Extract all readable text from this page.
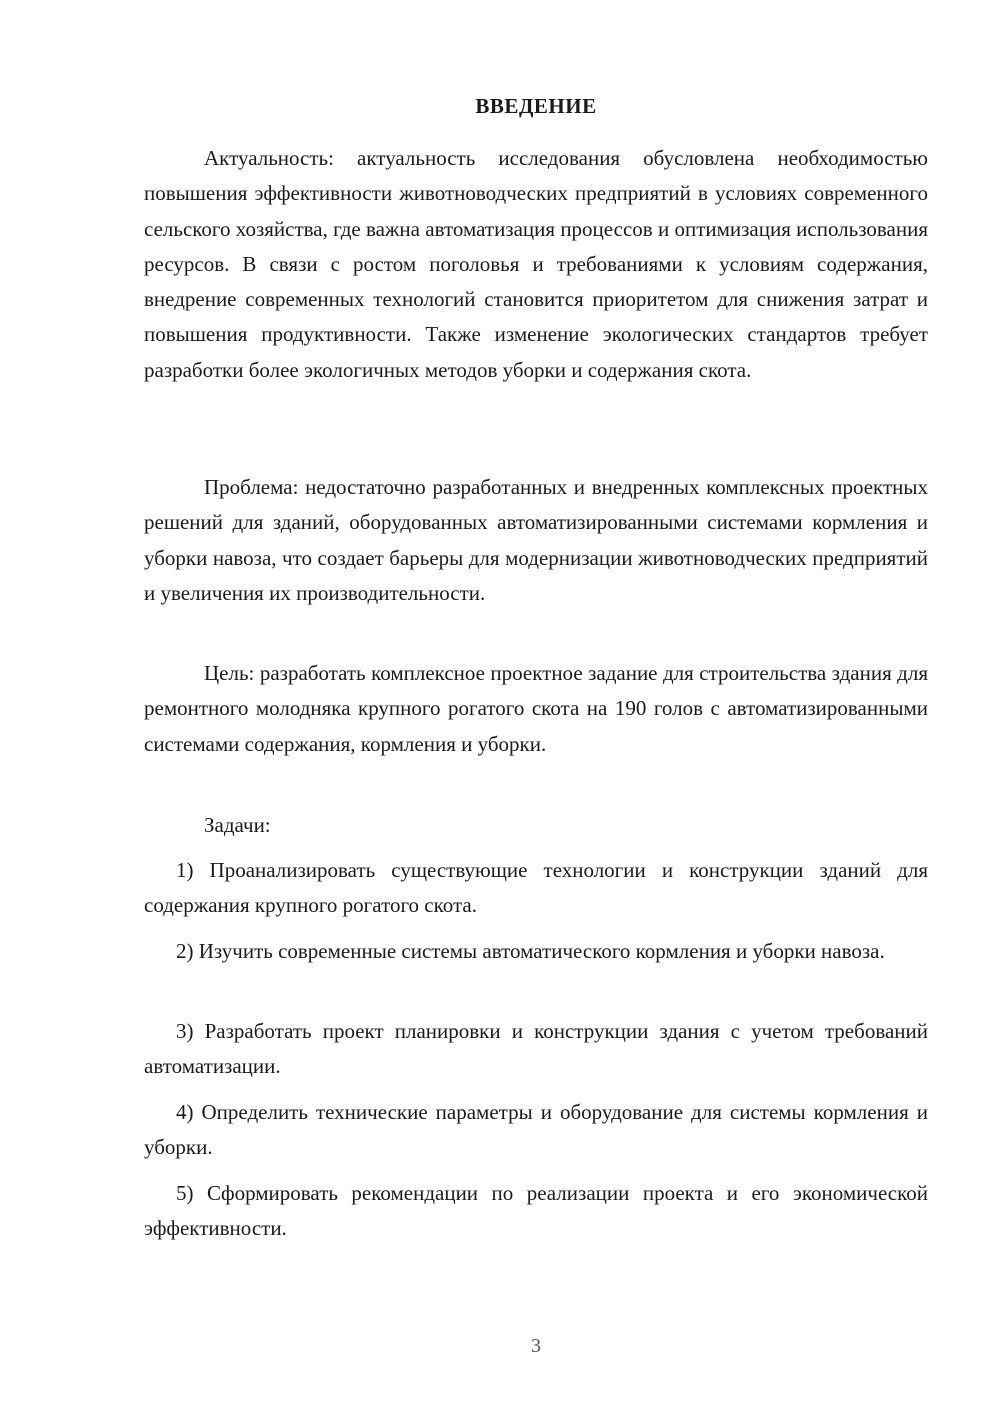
ВВЕДЕНИЕ

Актуальность: актуальность исследования обусловлена необходимостью повышения эффективности животноводческих предприятий в условиях современного сельского хозяйства, где важна автоматизация процессов и оптимизация использования ресурсов. В связи с ростом поголовья и требованиями к условиям содержания, внедрение современных технологий становится приоритетом для снижения затрат и повышения продуктивности. Также изменение экологических стандартов требует разработки более экологичных методов уборки и содержания скота.

Проблема: недостаточно разработанных и внедренных комплексных проектных решений для зданий, оборудованных автоматизированными системами кормления и уборки навоза, что создает барьеры для модернизации животноводческих предприятий и увеличения их производительности.

Цель: разработать комплексное проектное задание для строительства здания для ремонтного молодняка крупного рогатого скота на 190 голов с автоматизированными системами содержания, кормления и уборки.

Задачи:

1) Проанализировать существующие технологии и конструкции зданий для содержания крупного рогатого скота.

2) Изучить современные системы автоматического кормления и уборки навоза.

3) Разработать проект планировки и конструкции здания с учетом требований автоматизации.

4) Определить технические параметры и оборудование для системы кормления и уборки.

5) Сформировать рекомендации по реализации проекта и его экономической эффективности.

3
